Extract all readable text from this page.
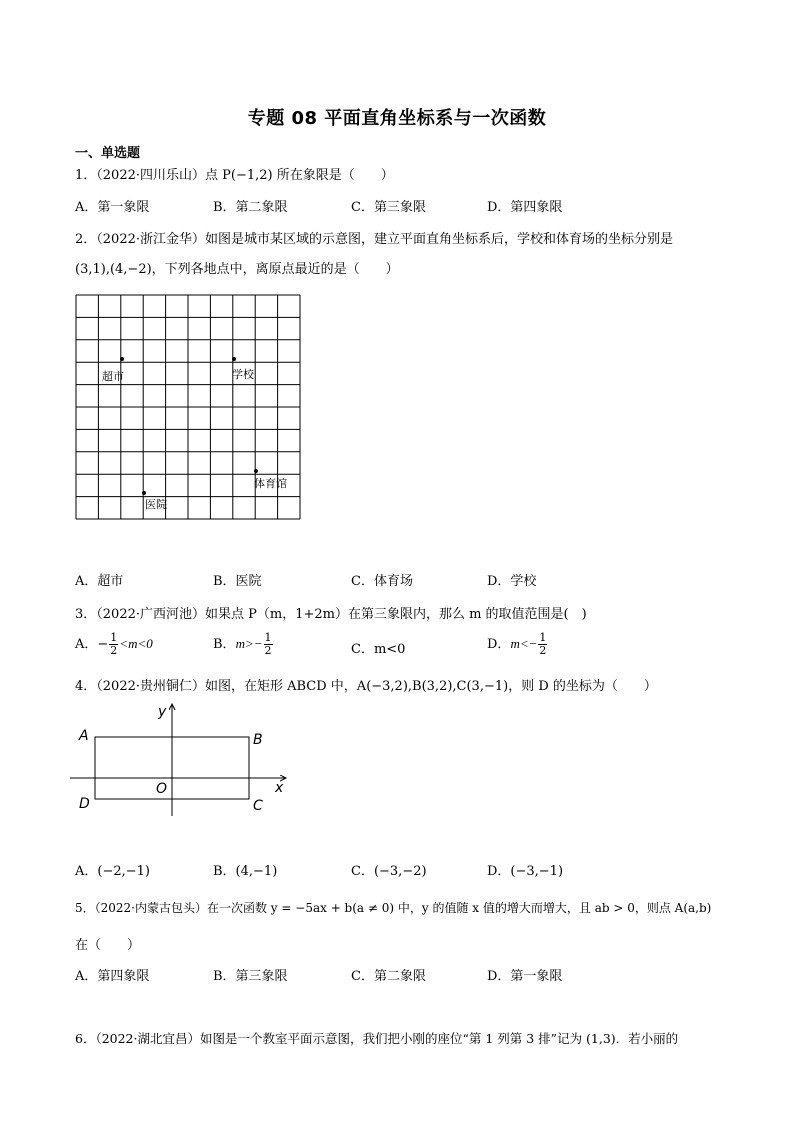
专题 08 平面直角坐标系与一次函数
一、单选题
1．（2022·四川乐山）点 P(−1,2) 所在象限是（　　）
A．第一象限	B．第二象限	C．第三象限	D．第四象限
2．（2022·浙江金华）如图是城市某区域的示意图，建立平面直角坐标系后，学校和体育场的坐标分别是
(3,1),(4,−2)，下列各地点中，离原点最近的是（　　）
超市	学校
体育馆
医院
A．超市	B．医院	C．体育场	D．学校
3．（2022·广西河池）如果点 P（m，1+2m）在第三象限内，那么 m 的取值范围是(　)
A．− $\frac{1}{2} <m<0$	B．$m>- \frac{1}{2}$	C．m<0	D．$m<- \frac{1}{2}$
4．（2022·贵州铜仁）如图，在矩形 ABCD 中，A(−3,2),B(3,2),C(3,−1)，则 D 的坐标为（　　）
A	B
C
D
O	x
y
A．(−2,−1)	B．(4,−1)	C．(−3,−2)	D．(−3,−1)
5．（2022·内蒙古包头）在一次函数 y = −5ax + b(a ≠ 0) 中，y 的值随 x 值的增大而增大，且 ab > 0，则点 A(a,b)
在（　　）
A．第四象限	B．第三象限	C．第二象限	D．第一象限
6．（2022·湖北宜昌）如图是一个教室平面示意图，我们把小刚的座位“第 1 列第 3 排”记为 (1,3)．若小丽的
